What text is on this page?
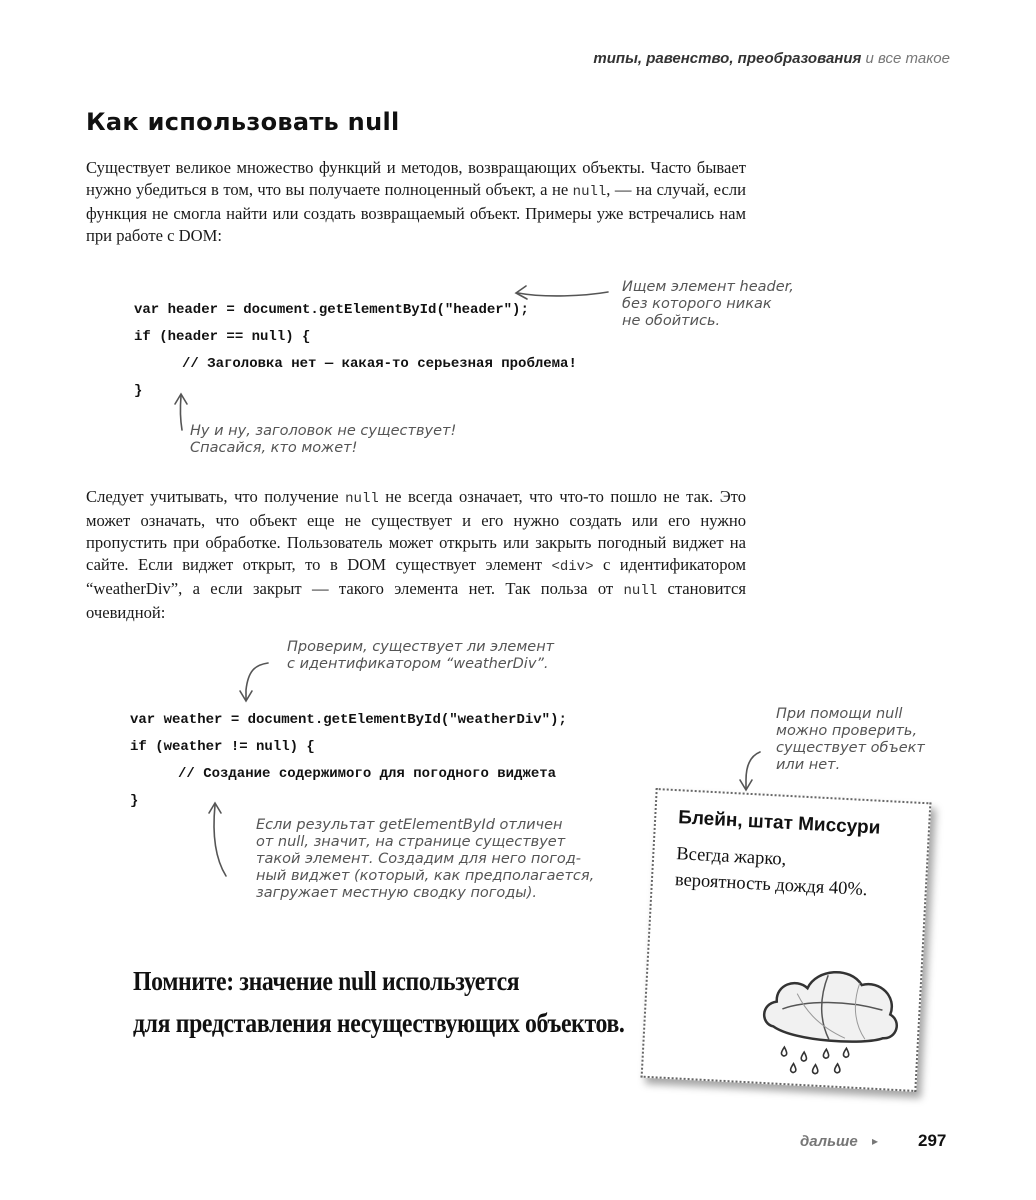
типы, равенство, преобразования и все такое
Как использовать null
Существует великое множество функций и методов, возвращающих объекты. Часто бывает нужно убедиться в том, что вы получаете полноценный объект, а не null, — на случай, если функция не смогла найти или создать возвращаемый объект. Примеры уже встречались нам при работе с DOM:
var header = document.getElementById("header");
if (header == null) {
// Заголовка нет — какая-то серьезная проблема!
}
Ищем элемент header,
без которого никак
не обойтись.
Ну и ну, заголовок не существует!
Спасайся, кто может!
Следует учитывать, что получение null не всегда означает, что что-то пошло не так. Это может означать, что объект еще не существует и его нужно создать или его нужно пропустить при обработке. Пользователь может открыть или закрыть погодный виджет на сайте. Если виджет открыт, то в DOM существует элемент <div> с идентификатором “weatherDiv”, а если закрыт — такого элемента нет. Так польза от null становится очевидной:
Проверим, существует ли элемент
с идентификатором “weatherDiv”.
При помощи null
можно проверить,
существует объект
или нет.
Если результат getElementById отличен
от null, значит, на странице существует
такой элемент. Создадим для него погод-
ный виджет (который, как предполагается,
загружает местную сводку погоды).
var weather = document.getElementById("weatherDiv");
if (weather != null) {
// Создание содержимого для погодного виджета
}
Помните: значение null используется
для представления несуществующих объектов.
Блейн, штат Миссури
Всегда жарко,
вероятность дождя 40%.
дальше ▸ 297
